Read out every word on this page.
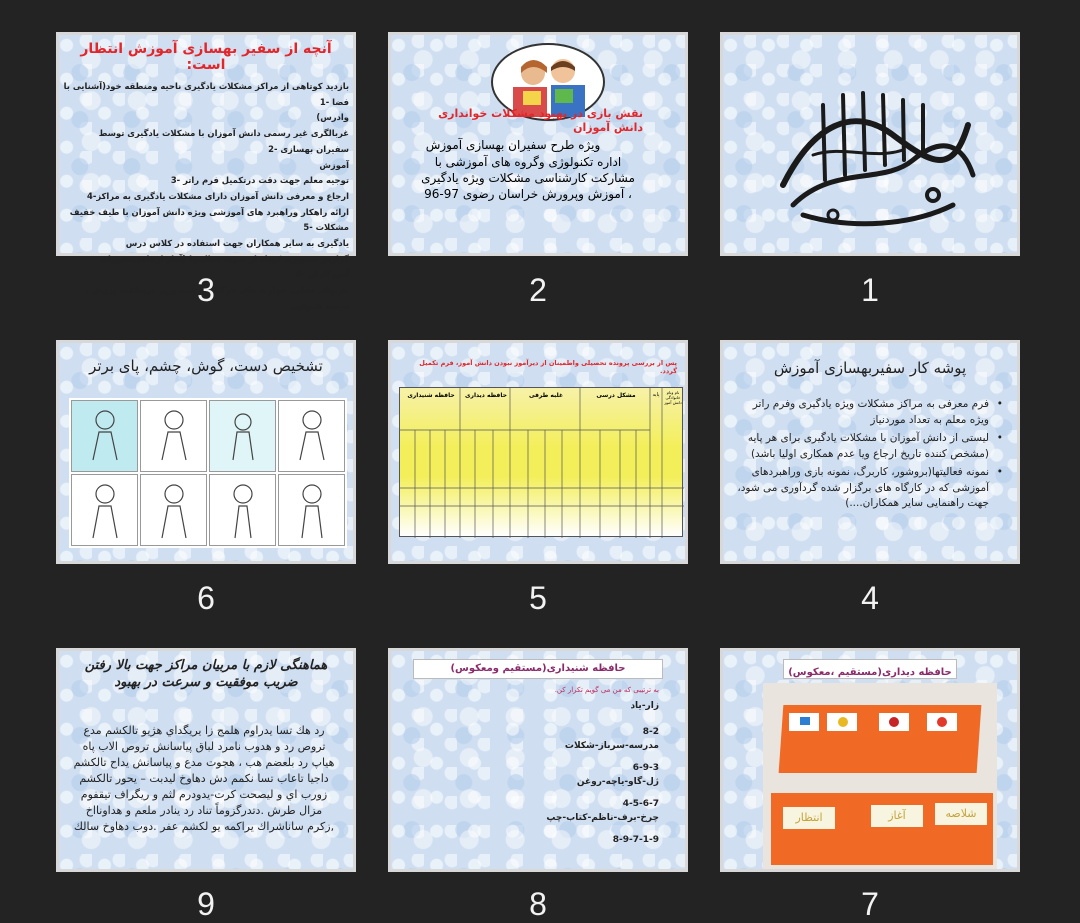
1

نقش بازی در بهبود مشکلات خوانداری دانش آموزان

ویژه طرح سفیران بهسازی آموزش

اداره تکنولوژی وگروه های آموزشی با

مشارکت کارشناسی مشکلات ویژه یادگیری

، آموزش وپرورش خراسان رضوی 97-96

2
آنچه از سفیر بهسازی آموزش انتظار است:
بازدید کوتاهی از مراکز مشکلات یادگیری ناحیه ومنطقه خود(آشنایی با فضا -1
وادرس)
غربالگری غیر رسمی دانش آموزان با مشکلات یادگیری توسط سفیران بهسازی -2
آموزش
توجیه معلم جهت دقت درتکمیل فرم راتر -3
ارجاع و معرفی دانش آموزان دارای مشکلات یادگیری به مراکز-4
ارائه راهکار وراهبرد های آموزشی ویژه دانش آموزان با طیف خفیف مشکلات -5
یادگیری به سایر همکاران جهت استفاده در کلاس درس
گزارش تصویری کوتاه از نمونه فعالیتها (آمار ارجاعی،شورای آموزگاران -6
بازیهای محلی، مهارت های حرکتی درشت وریز درساعت ورزش ، تربیت شنوایی
3
پوشه کار سفیربهسازی آموزش
• فرم معرفی به مراکز مشکلات ویژه یادگیری وفرم راتر ویژه معلم به تعداد موردنیاز
• لیستی از دانش آموزان با مشکلات یادگیری برای هر پایه (مشخص کننده تاریخ ارجاع ویا عدم همکاری اولیا باشد)
• نمونه فعالیتها(بروشور، کاربرگ، نمونه بازی وراهبردهای آموزشی که در کارگاه های برگزار شده گردآوری می شود، جهت راهنمایی سایر همکاران....)
4

پس از بررسی پرونده تحصیلی واطمینان از دیرآموز نبودن دانش آموز، فرم تکمیل گردد.

حافظه شنیداری	حافظه دیداری	غلبه طرفی	مشکل درسی	پایه	نام ونام خانوادگی دانش آموز
5

تشخیص دست، گوش، چشم، پای برتر

6
حافظه دیداری(مستقیم ،معکوس)
انتظار	آغاز	شلاصه
7
حافظه شنیداری(مستقیم ومعکوس)
به ترتیبی که من می گویم تکرار کن.
زار-یاد
8-2
مدرسه-سرباز-شکلات
6-9-3
ژل-گاو-یاچه-روغن
4-5-6-7
چرخ-برف-ناظم-کتاب-چپ
8-9-7-1-9
8
هماهنگی لازم با مربیان مراکز جهت بالا رفتن ضریب موفقیت و سرعت در بهبود
رد هك تسا يدراوم هلمج زا يريگداي هژيو تالكشم مدع تروص رد و هدوب نامرد لباق پياسانش تروص الاب پاه هياپ رد بلعضم هب ، هجوت مدع و پياسانش يداح تالكشم داجيا تاعاب تسا نكمم دش دهاوخ ليدبت – يحور تالكشم زورب اي و ليصحت كرت-يدودرم لثم و ريگراف تيقفوم مزال طرش .دتدرگزوماً تناد رد ينادر ملعم و هداونااخ ,زكرم ساناشراك يراكمه يو لكشم عفر .دوب دهاوخ سالك
9
